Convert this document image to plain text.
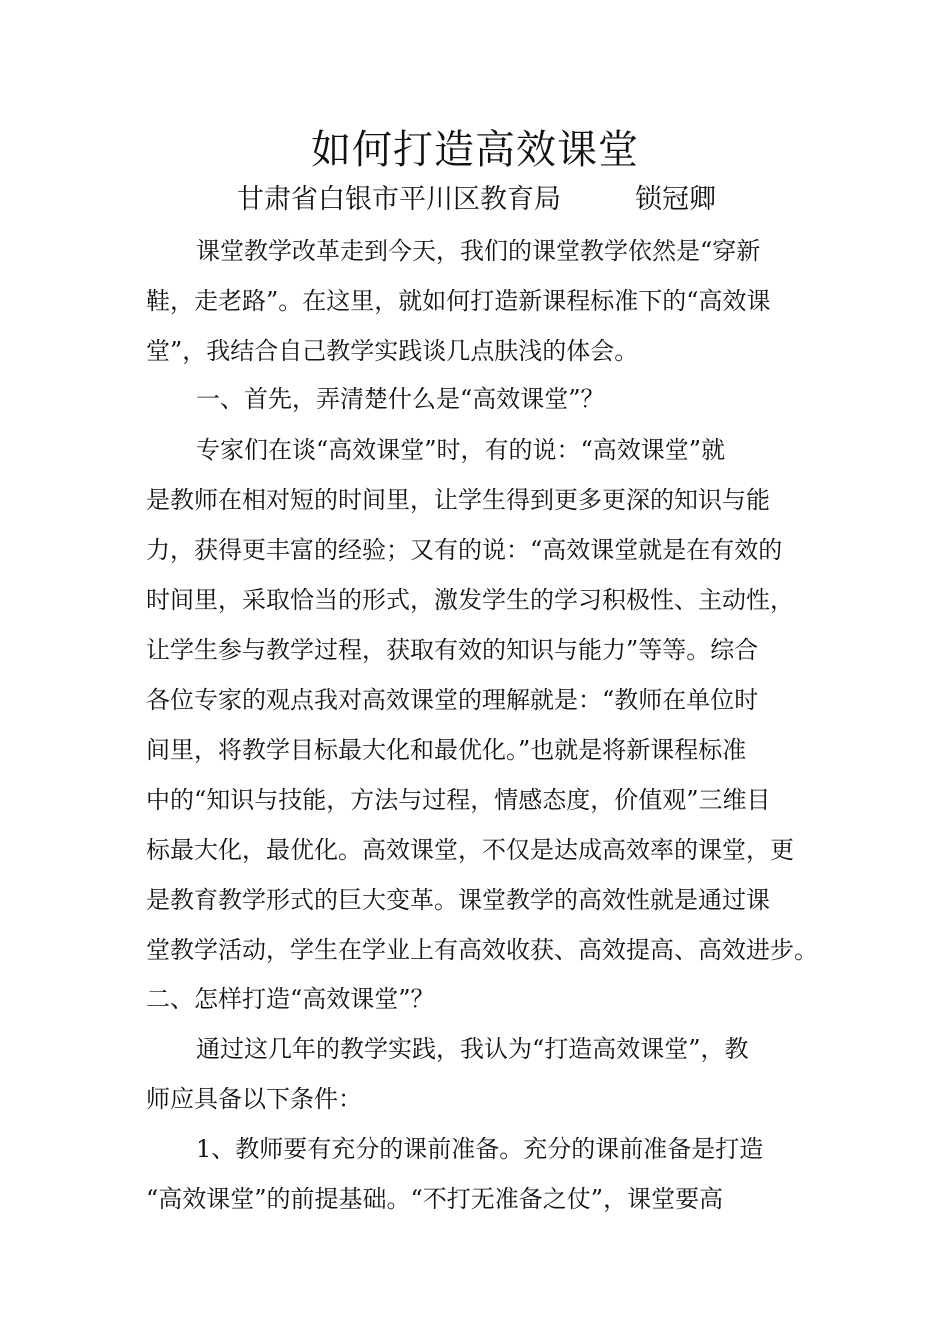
如何打造高效课堂
甘肃省白银市平川区教育局	锁冠卿
课堂教学改革走到今天，我们的课堂教学依然是“穿新
鞋，走老路”。在这里，就如何打造新课程标准下的“高效课
堂”，我结合自己教学实践谈几点肤浅的体会。
一、首先，弄清楚什么是“高效课堂”？
专家们在谈“高效课堂”时，有的说：“高效课堂”就
是教师在相对短的时间里，让学生得到更多更深的知识与能
力，获得更丰富的经验；又有的说：“高效课堂就是在有效的
时间里，采取恰当的形式，激发学生的学习积极性、主动性，
让学生参与教学过程，获取有效的知识与能力”等等。综合
各位专家的观点我对高效课堂的理解就是：“教师在单位时
间里，将教学目标最大化和最优化。”也就是将新课程标准
中的“知识与技能，方法与过程，情感态度，价值观”三维目
标最大化，最优化。高效课堂，不仅是达成高效率的课堂，更
是教育教学形式的巨大变革。课堂教学的高效性就是通过课
堂教学活动，学生在学业上有高效收获、高效提高、高效进步。
二、怎样打造“高效课堂”？
通过这几年的教学实践，我认为“打造高效课堂”，教
师应具备以下条件：
1、教师要有充分的课前准备。充分的课前准备是打造
“高效课堂”的前提基础。“不打无准备之仗”，课堂要高
